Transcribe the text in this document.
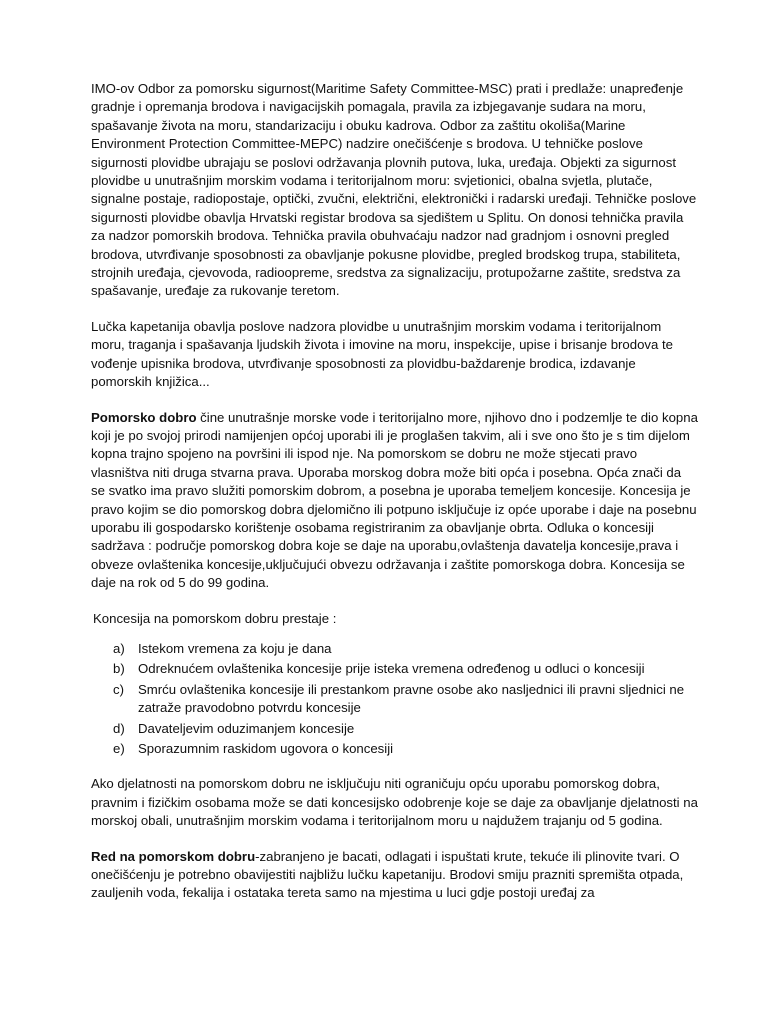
IMO-ov Odbor za pomorsku sigurnost(Maritime Safety Committee-MSC) prati i predlaže: unapređenje gradnje i opremanja brodova i navigacijskih pomagala, pravila za izbjegavanje sudara na moru, spašavanje života na moru, standarizaciju i obuku kadrova. Odbor za zaštitu okoliša(Marine Environment Protection Committee-MEPC) nadzire onečišćenje s brodova. U tehničke poslove sigurnosti plovidbe ubrajaju se poslovi održavanja plovnih putova, luka, uređaja. Objekti za sigurnost plovidbe u unutrašnjim morskim vodama i teritorijalnom moru: svjetionici, obalna svjetla, plutače, signalne postaje, radiopostaje, optički, zvučni, električni, elektronički i radarski uređaji. Tehničke poslove sigurnosti plovidbe obavlja Hrvatski registar brodova sa sjedištem u Splitu. On donosi tehnička pravila za nadzor pomorskih brodova. Tehnička pravila obuhvaćaju nadzor nad gradnjom i osnovni pregled brodova, utvrđivanje sposobnosti za obavljanje pokusne plovidbe, pregled brodskog trupa, stabiliteta, strojnih uređaja, cjevovoda, radioopreme, sredstva za signalizaciju, protupožarne zaštite, sredstva za spašavanje, uređaje za rukovanje teretom.

Lučka kapetanija obavlja poslove nadzora plovidbe u unutrašnjim morskim vodama i teritorijalnom moru, traganja i spašavanja ljudskih života i imovine na moru, inspekcije, upise i brisanje brodova te vođenje upisnika brodova, utvrđivanje sposobnosti za plovidbu-baždarenje brodica, izdavanje pomorskih knjižica...

Pomorsko dobro čine unutrašnje morske vode i teritorijalno more, njihovo dno i podzemlje te dio kopna koji je po svojoj prirodi namijenjen općoj uporabi ili je proglašen takvim, ali i sve ono što je s tim dijelom kopna trajno spojeno na površini ili ispod nje. Na pomorskom se dobru ne može stjecati pravo vlasništva niti druga stvarna prava. Uporaba morskog dobra može biti opća i posebna. Opća znači da se svatko ima pravo služiti pomorskim dobrom, a posebna je uporaba temeljem koncesije. Koncesija je pravo kojim se dio pomorskog dobra djelomično ili potpuno isključuje iz opće uporabe i daje na posebnu uporabu ili gospodarsko korištenje osobama registriranim za obavljanje obrta. Odluka o koncesiji sadržava : područje pomorskog dobra koje se daje na uporabu,ovlaštenja davatelja koncesije,prava i obveze ovlaštenika koncesije,uključujući obvezu održavanja i zaštite pomorskoga dobra. Koncesija se daje na rok od 5 do 99 godina.

Koncesija na pomorskom dobru prestaje :

a) Istekom vremena za koju je dana
b) Odreknućem ovlaštenika koncesije prije isteka vremena određenog u odluci o koncesiji
c) Smrću ovlaštenika koncesije ili prestankom pravne osobe ako nasljednici ili pravni sljednici ne zatraže pravodobno potvrdu koncesije
d) Davateljevim oduzimanjem koncesije
e) Sporazumnim raskidom ugovora o koncesiji

Ako djelatnosti na pomorskom dobru ne isključuju niti ograničuju opću uporabu pomorskog dobra, pravnim i fizičkim osobama može se dati koncesijsko odobrenje koje se daje za obavljanje djelatnosti na morskoj obali, unutrašnjim morskim vodama i teritorijalnom moru u najdužem trajanju od 5 godina.

Red na pomorskom dobru-zabranjeno je bacati, odlagati i ispuštati krute, tekuće ili plinovite tvari. O onečišćenju je potrebno obavijestiti najbližu lučku kapetaniju. Brodovi smiju prazniti spremišta otpada, zauljenih voda, fekalija i ostataka tereta samo na mjestima u luci gdje postoji uređaj za
